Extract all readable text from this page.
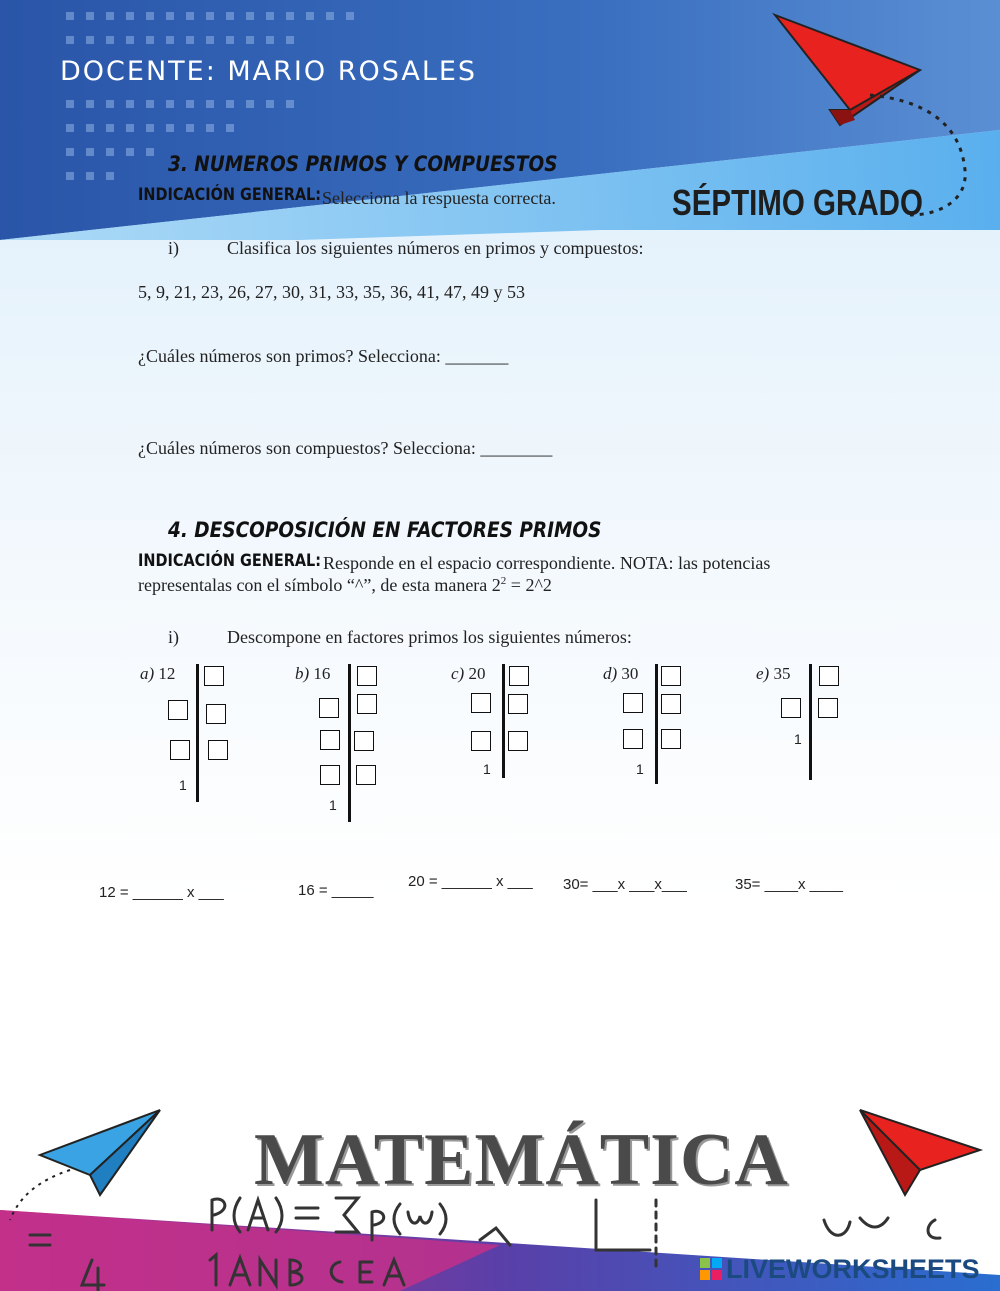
DOCENTE: MARIO ROSALES
SÉPTIMO GRADO
3. NUMEROS PRIMOS Y COMPUESTOS
INDICACIÓN GENERAL: Selecciona la respuesta correcta.
i)	Clasifica los siguientes números en primos y compuestos:
5, 9, 21, 23, 26, 27, 30, 31, 33, 35, 36, 41, 47, 49 y 53
¿Cuáles números son primos? Selecciona: _______
¿Cuáles números son compuestos? Selecciona: ________
4. DESCOPOSICIÓN EN FACTORES PRIMOS
INDICACIÓN GENERAL: Responde en el espacio correspondiente. NOTA: las potencias
representalas con el símbolo “^”, de esta manera $2^2$ = 2^2
i)	Descompone en factores primos los siguientes números:
a) 12
1
b) 16
1
c) 20
1
d) 30
1
e) 35
1
12 = ______ x ___	16 = _____
20 = ______ x ___ 30= ___x ___x___	35= ____x ____
MATEMÁTICA
LIVEWORKSHEETS
